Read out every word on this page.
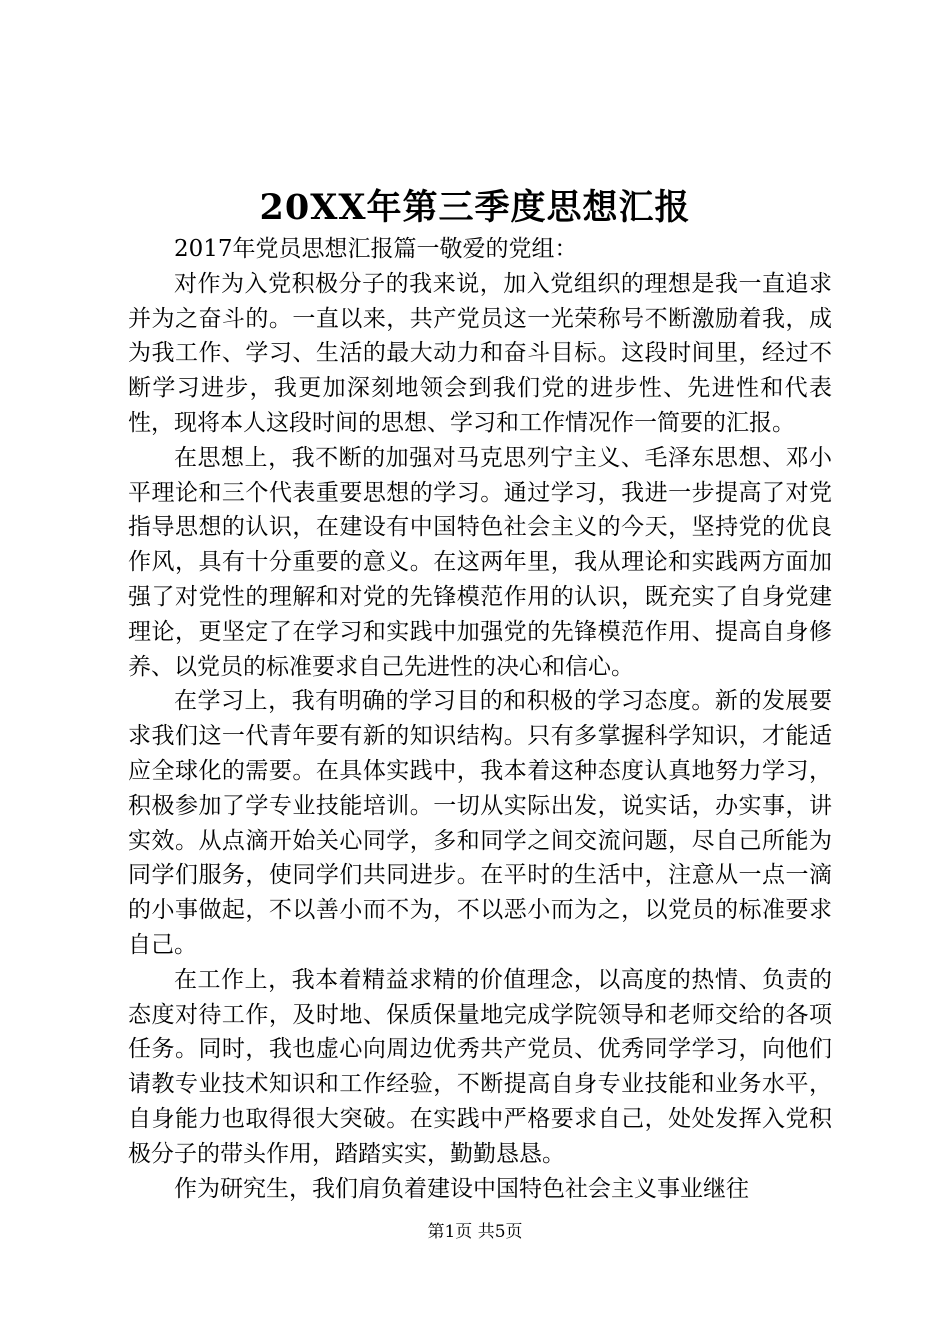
20XX年第三季度思想汇报

2017年党员思想汇报篇一敬爱的党组：

对作为入党积极分子的我来说，加入党组织的理想是我一直追求并为之奋斗的。一直以来，共产党员这一光荣称号不断激励着我，成为我工作、学习、生活的最大动力和奋斗目标。这段时间里，经过不断学习进步，我更加深刻地领会到我们党的进步性、先进性和代表性，现将本人这段时间的思想、学习和工作情况作一简要的汇报。

在思想上，我不断的加强对马克思列宁主义、毛泽东思想、邓小平理论和三个代表重要思想的学习。通过学习，我进一步提高了对党指导思想的认识，在建设有中国特色社会主义的今天，坚持党的优良作风，具有十分重要的意义。在这两年里，我从理论和实践两方面加强了对党性的理解和对党的先锋模范作用的认识，既充实了自身党建理论，更坚定了在学习和实践中加强党的先锋模范作用、提高自身修养、以党员的标准要求自己先进性的决心和信心。

在学习上，我有明确的学习目的和积极的学习态度。新的发展要求我们这一代青年要有新的知识结构。只有多掌握科学知识，才能适应全球化的需要。在具体实践中，我本着这种态度认真地努力学习，积极参加了学专业技能培训。一切从实际出发，说实话，办实事，讲实效。从点滴开始关心同学，多和同学之间交流问题，尽自己所能为同学们服务，使同学们共同进步。在平时的生活中，注意从一点一滴的小事做起，不以善小而不为，不以恶小而为之，以党员的标准要求自己。

在工作上，我本着精益求精的价值理念，以高度的热情、负责的态度对待工作，及时地、保质保量地完成学院领导和老师交给的各项任务。同时，我也虚心向周边优秀共产党员、优秀同学学习，向他们请教专业技术知识和工作经验，不断提高自身专业技能和业务水平，自身能力也取得很大突破。在实践中严格要求自己，处处发挥入党积极分子的带头作用，踏踏实实，勤勤恳恳。

作为研究生，我们肩负着建设中国特色社会主义事业继往

第1页 共5页
